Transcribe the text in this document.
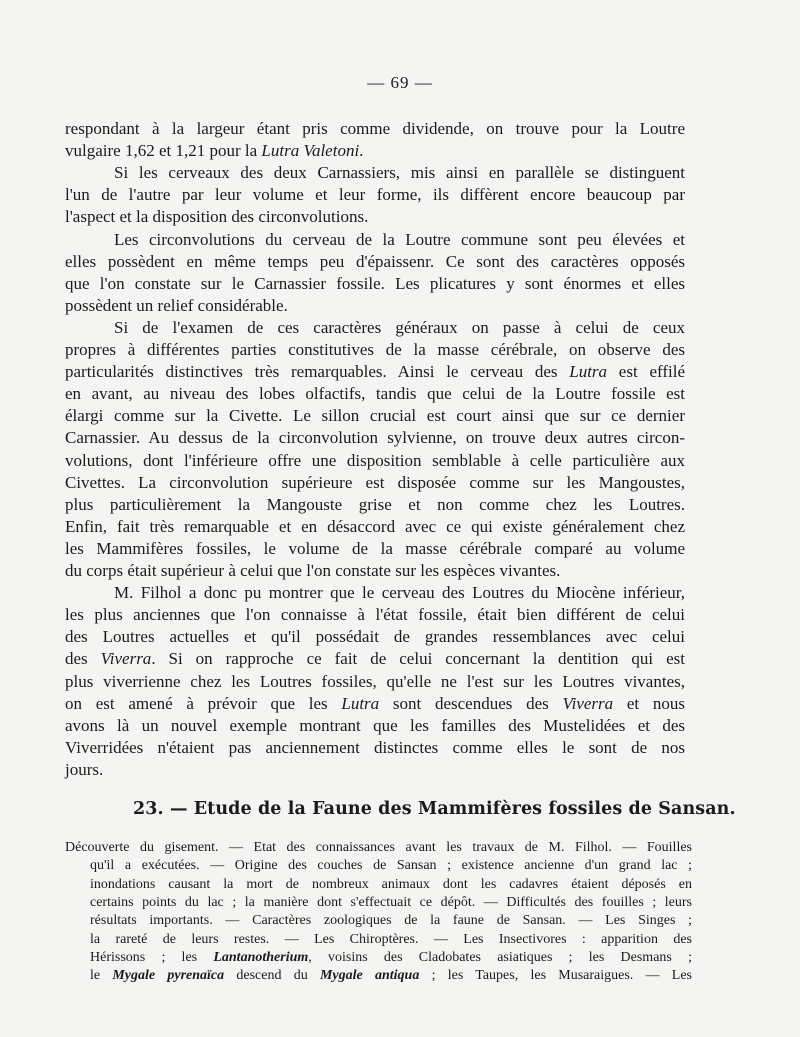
— 69 —
respondant à la largeur étant pris comme dividende, on trouve pour la Loutre
vulgaire 1,62 et 1,21 pour la Lutra Valetoni.
Si les cerveaux des deux Carnassiers, mis ainsi en parallèle se distinguent
l'un de l'autre par leur volume et leur forme, ils diffèrent encore beaucoup par
l'aspect et la disposition des circonvolutions.
Les circonvolutions du cerveau de la Loutre commune sont peu élevées et
elles possèdent en même temps peu d'épaissenr. Ce sont des caractères opposés
que l'on constate sur le Carnassier fossile. Les plicatures y sont énormes et elles
possèdent un relief considérable.
Si de l'examen de ces caractères généraux on passe à celui de ceux
propres à différentes parties constitutives de la masse cérébrale, on observe des
particularités distinctives très remarquables. Ainsi le cerveau des Lutra est effilé
en avant, au niveau des lobes olfactifs, tandis que celui de la Loutre fossile est
élargi comme sur la Civette. Le sillon crucial est court ainsi que sur ce dernier
Carnassier. Au dessus de la circonvolution sylvienne, on trouve deux autres circon-
volutions, dont l'inférieure offre une disposition semblable à celle particulière aux
Civettes. La circonvolution supérieure est disposée comme sur les Mangoustes,
plus particulièrement la Mangouste grise et non comme chez les Loutres.
Enfin, fait très remarquable et en désaccord avec ce qui existe généralement chez
les Mammifères fossiles, le volume de la masse cérébrale comparé au volume
du corps était supérieur à celui que l'on constate sur les espèces vivantes.
M. Filhol a donc pu montrer que le cerveau des Loutres du Miocène inférieur,
les plus anciennes que l'on connaisse à l'état fossile, était bien différent de celui
des Loutres actuelles et qu'il possédait de grandes ressemblances avec celui
des Viverra. Si on rapproche ce fait de celui concernant la dentition qui est
plus viverrienne chez les Loutres fossiles, qu'elle ne l'est sur les Loutres vivantes,
on est amené à prévoir que les Lutra sont descendues des Viverra et nous
avons là un nouvel exemple montrant que les familles des Mustelidées et des
Viverridées n'étaient pas anciennement distinctes comme elles le sont de nos
jours.
23. — Etude de la Faune des Mammifères fossiles de Sansan.
Découverte du gisement. — Etat des connaissances avant les travaux de M. Filhol. — Fouilles
qu'il a exécutées. — Origine des couches de Sansan ; existence ancienne d'un grand lac ;
inondations causant la mort de nombreux animaux dont les cadavres étaient déposés en
certains points du lac ; la manière dont s'effectuait ce dépôt. — Difficultés des fouilles ; leurs
résultats importants. — Caractères zoologiques de la faune de Sansan. — Les Singes ;
la rareté de leurs restes. — Les Chiroptères. — Les Insectivores : apparition des
Hérissons ; les Lantanotherium, voisins des Cladobates asiatiques ; les Desmans ;
le Mygale pyrenaïca descend du Mygale antiqua ; les Taupes, les Musaraigues. — Les
